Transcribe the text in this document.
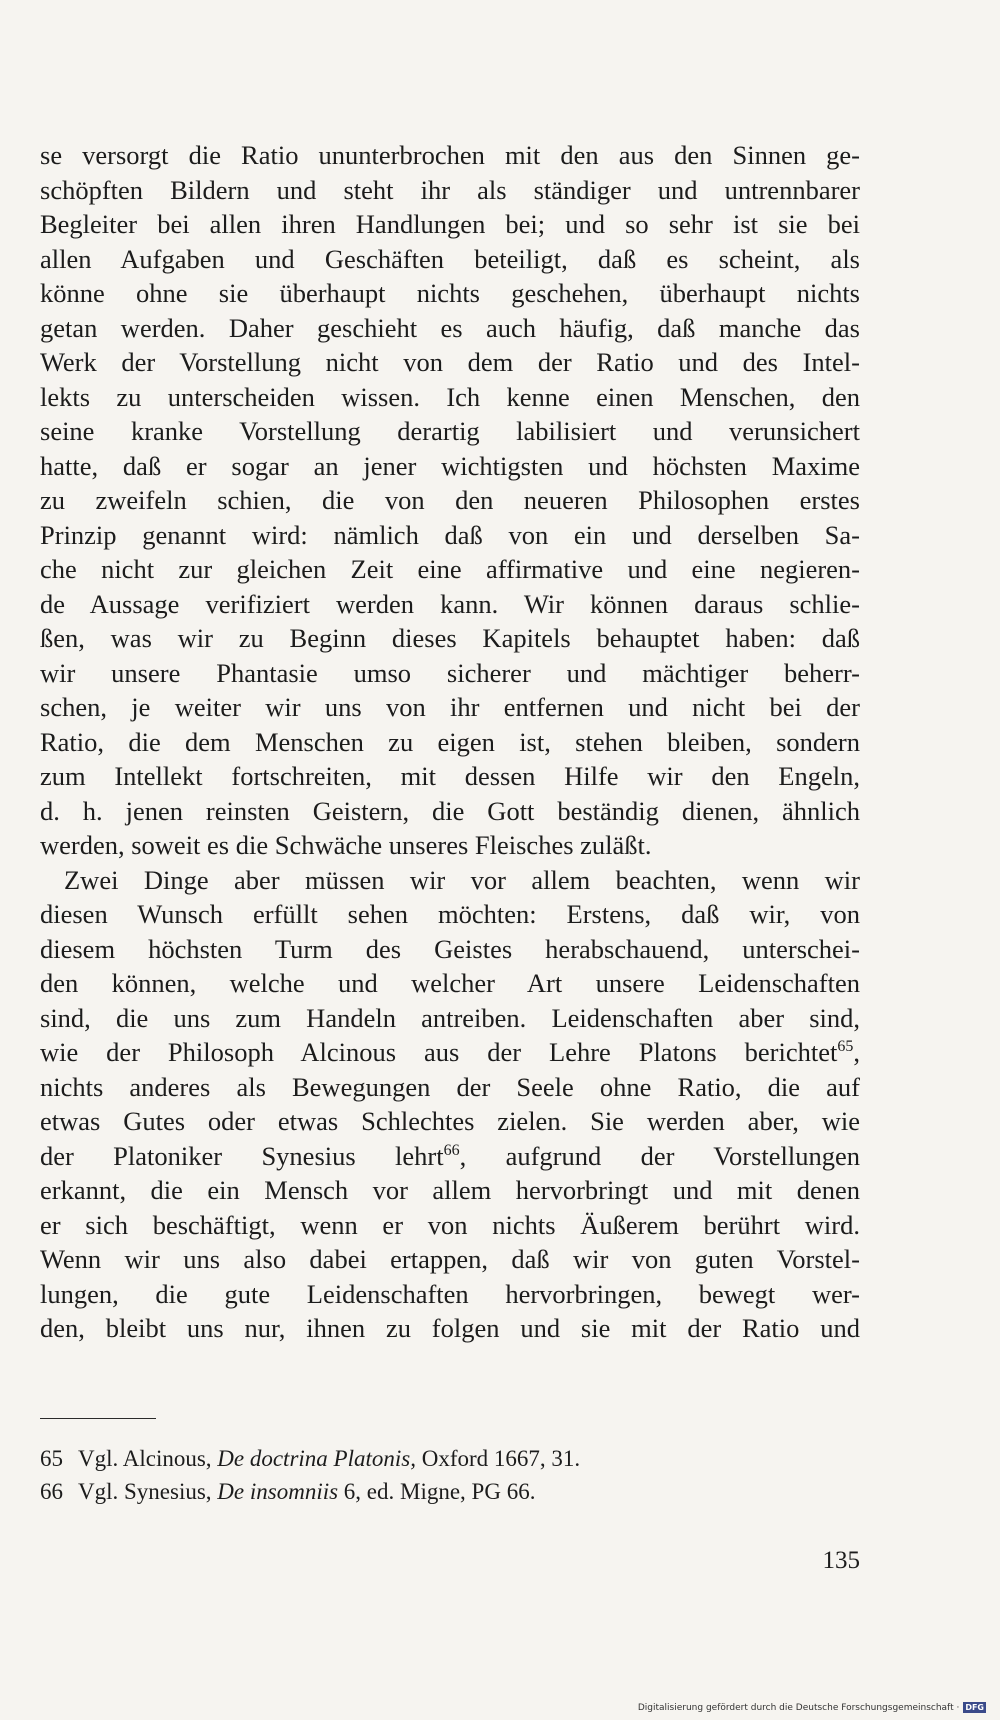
se versorgt die Ratio ununterbrochen mit den aus den Sinnen ge-
schöpften Bildern und steht ihr als ständiger und untrennbarer
Begleiter bei allen ihren Handlungen bei; und so sehr ist sie bei
allen Aufgaben und Geschäften beteiligt, daß es scheint, als
könne ohne sie überhaupt nichts geschehen, überhaupt nichts
getan werden. Daher geschieht es auch häufig, daß manche das
Werk der Vorstellung nicht von dem der Ratio und des Intel-
lekts zu unterscheiden wissen. Ich kenne einen Menschen, den
seine kranke Vorstellung derartig labilisiert und verunsichert
hatte, daß er sogar an jener wichtigsten und höchsten Maxime
zu zweifeln schien, die von den neueren Philosophen erstes
Prinzip genannt wird: nämlich daß von ein und derselben Sa-
che nicht zur gleichen Zeit eine affirmative und eine negieren-
de Aussage verifiziert werden kann. Wir können daraus schlie-
ßen, was wir zu Beginn dieses Kapitels behauptet haben: daß
wir unsere Phantasie umso sicherer und mächtiger beherr-
schen, je weiter wir uns von ihr entfernen und nicht bei der
Ratio, die dem Menschen zu eigen ist, stehen bleiben, sondern
zum Intellekt fortschreiten, mit dessen Hilfe wir den Engeln,
d. h. jenen reinsten Geistern, die Gott beständig dienen, ähnlich
werden, soweit es die Schwäche unseres Fleisches zuläßt.
Zwei Dinge aber müssen wir vor allem beachten, wenn wir
diesen Wunsch erfüllt sehen möchten: Erstens, daß wir, von
diesem höchsten Turm des Geistes herabschauend, unterschei-
den können, welche und welcher Art unsere Leidenschaften
sind, die uns zum Handeln antreiben. Leidenschaften aber sind,
wie der Philosoph Alcinous aus der Lehre Platons berichtet$^{65}$,
nichts anderes als Bewegungen der Seele ohne Ratio, die auf
etwas Gutes oder etwas Schlechtes zielen. Sie werden aber, wie
der Platoniker Synesius lehrt$^{66}$, aufgrund der Vorstellungen
erkannt, die ein Mensch vor allem hervorbringt und mit denen
er sich beschäftigt, wenn er von nichts Äußerem berührt wird.
Wenn wir uns also dabei ertappen, daß wir von guten Vorstel-
lungen, die gute Leidenschaften hervorbringen, bewegt wer-
den, bleibt uns nur, ihnen zu folgen und sie mit der Ratio und
65 Vgl. Alcinous, De doctrina Platonis, Oxford 1667, 31.
66 Vgl. Synesius, De insomniis 6, ed. Migne, PG 66.
135
Digitalisierung gefördert durch die Deutsche Forschungsgemeinschaft · DFG
